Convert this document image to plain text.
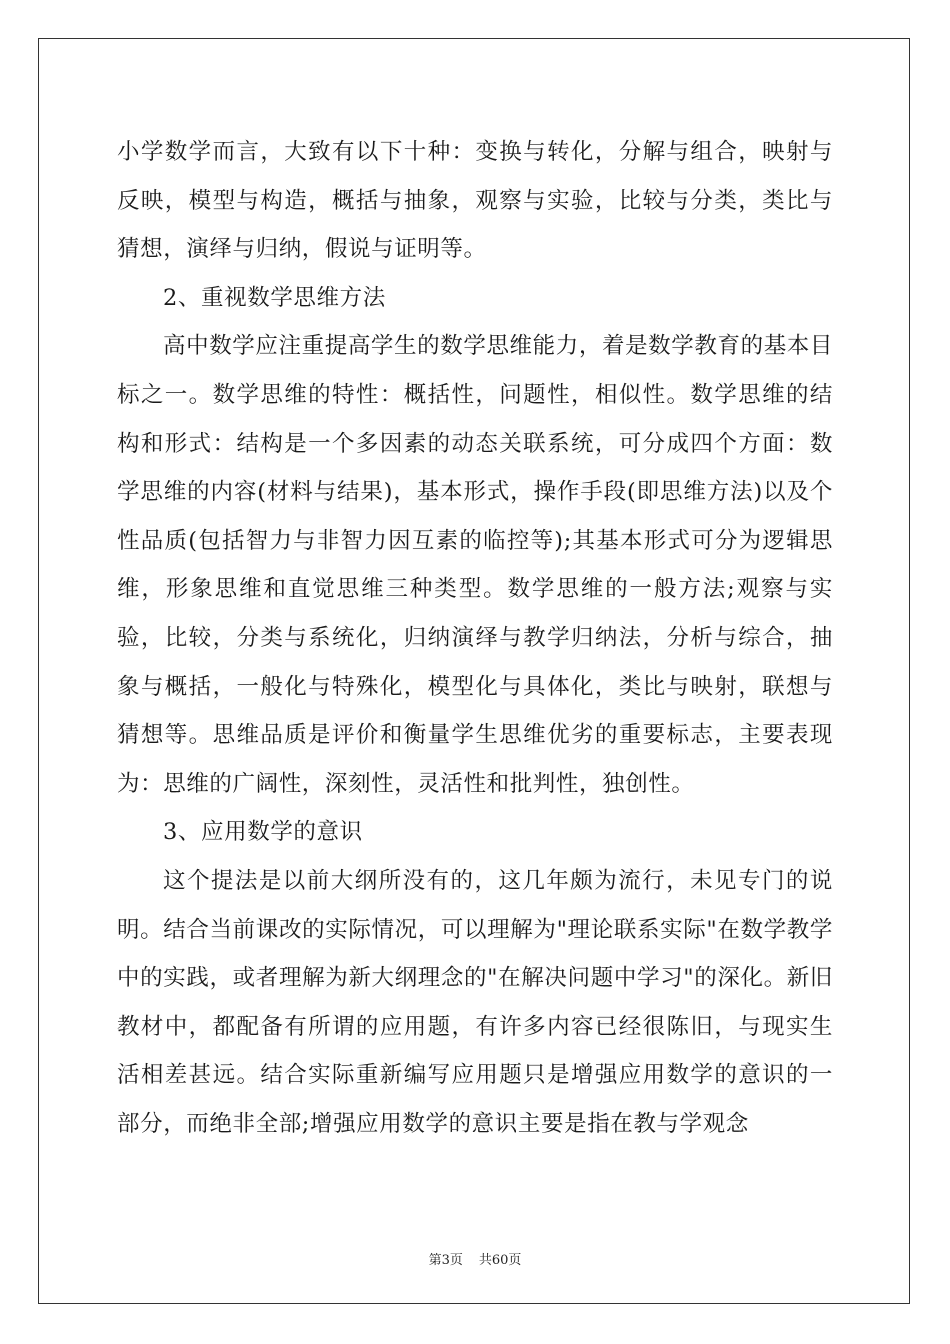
小学数学而言，大致有以下十种：变换与转化，分解与组合，映射与反映，模型与构造，概括与抽象，观察与实验，比较与分类，类比与猜想，演绎与归纳，假说与证明等。

2、重视数学思维方法

高中数学应注重提高学生的数学思维能力，着是数学教育的基本目标之一。数学思维的特性：概括性，问题性，相似性。数学思维的结构和形式：结构是一个多因素的动态关联系统，可分成四个方面：数学思维的内容(材料与结果)，基本形式，操作手段(即思维方法)以及个性品质(包括智力与非智力因互素的临控等);其基本形式可分为逻辑思维，形象思维和直觉思维三种类型。数学思维的一般方法;观察与实验，比较，分类与系统化，归纳演绎与教学归纳法，分析与综合，抽象与概括，一般化与特殊化，模型化与具体化，类比与映射，联想与猜想等。思维品质是评价和衡量学生思维优劣的重要标志，主要表现为：思维的广阔性，深刻性，灵活性和批判性，独创性。

3、应用数学的意识

这个提法是以前大纲所没有的，这几年颇为流行，未见专门的说明。结合当前课改的实际情况，可以理解为"理论联系实际"在数学教学中的实践，或者理解为新大纲理念的"在解决问题中学习"的深化。新旧教材中，都配备有所谓的应用题，有许多内容已经很陈旧，与现实生活相差甚远。结合实际重新编写应用题只是增强应用数学的意识的一部分，而绝非全部;增强应用数学的意识主要是指在教与学观念

第3页 共60页
